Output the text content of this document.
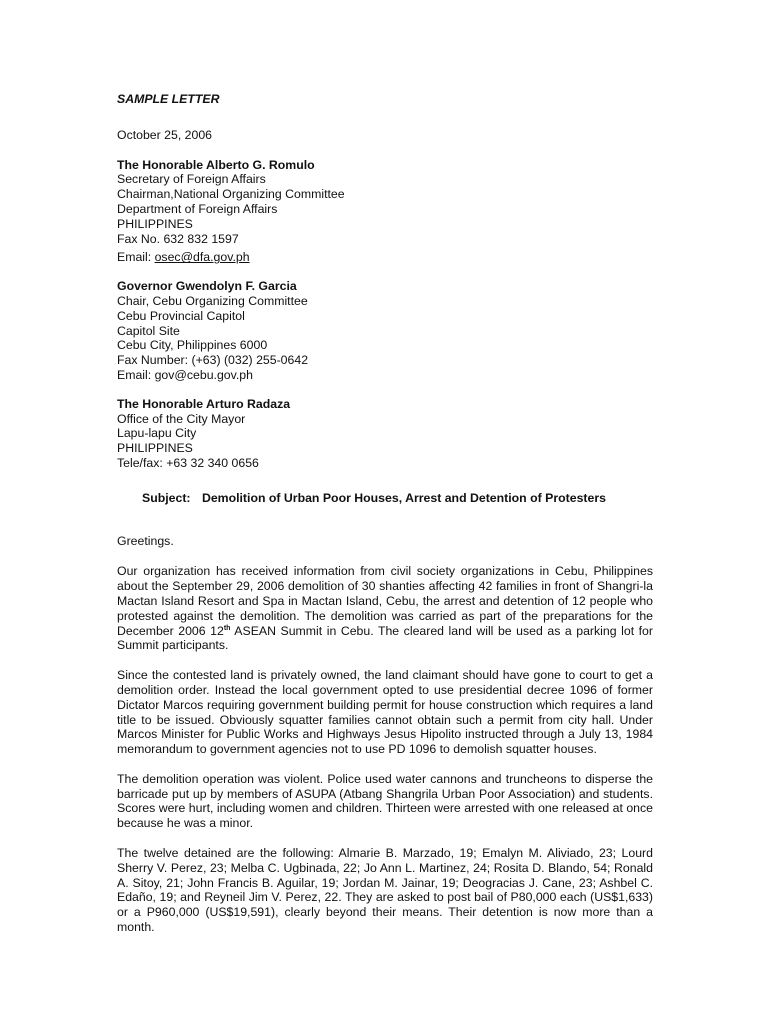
SAMPLE LETTER
October 25, 2006
The Honorable Alberto G. Romulo
Secretary of Foreign Affairs
Chairman,National Organizing Committee
Department of Foreign Affairs
PHILIPPINES
Fax No. 632 832 1597
Email: osec@dfa.gov.ph
Governor Gwendolyn F. Garcia
Chair, Cebu Organizing Committee
Cebu Provincial Capitol
Capitol Site
Cebu City, Philippines 6000
Fax Number: (+63) (032) 255-0642
Email: gov@cebu.gov.ph
The Honorable Arturo Radaza
Office of the City Mayor
Lapu-lapu City
PHILIPPINES
Tele/fax: +63 32 340 0656
Subject: Demolition of Urban Poor Houses, Arrest and Detention of Protesters
Greetings.

Our organization has received information from civil society organizations in Cebu, Philippines about the September 29, 2006 demolition of 30 shanties affecting 42 families in front of Shangri-la Mactan Island Resort and Spa in Mactan Island, Cebu, the arrest and detention of 12 people who protested against the demolition. The demolition was carried as part of the preparations for the December 2006 12th ASEAN Summit in Cebu. The cleared land will be used as a parking lot for Summit participants.

Since the contested land is privately owned, the land claimant should have gone to court to get a demolition order. Instead the local government opted to use presidential decree 1096 of former Dictator Marcos requiring government building permit for house construction which requires a land title to be issued. Obviously squatter families cannot obtain such a permit from city hall. Under Marcos Minister for Public Works and Highways Jesus Hipolito instructed through a July 13, 1984 memorandum to government agencies not to use PD 1096 to demolish squatter houses.

The demolition operation was violent. Police used water cannons and truncheons to disperse the barricade put up by members of ASUPA (Atbang Shangrila Urban Poor Association) and students. Scores were hurt, including women and children. Thirteen were arrested with one released at once because he was a minor.

The twelve detained are the following: Almarie B. Marzado, 19; Emalyn M. Aliviado, 23; Lourd Sherry V. Perez, 23; Melba C. Ugbinada, 22; Jo Ann L. Martinez, 24; Rosita D. Blando, 54; Ronald A. Sitoy, 21; John Francis B. Aguilar, 19; Jordan M. Jainar, 19; Deogracias J. Cane, 23; Ashbel C. Edaño, 19; and Reyneil Jim V. Perez, 22. They are asked to post bail of P80,000 each (US$1,633) or a P960,000 (US$19,591), clearly beyond their means. Their detention is now more than a month.
